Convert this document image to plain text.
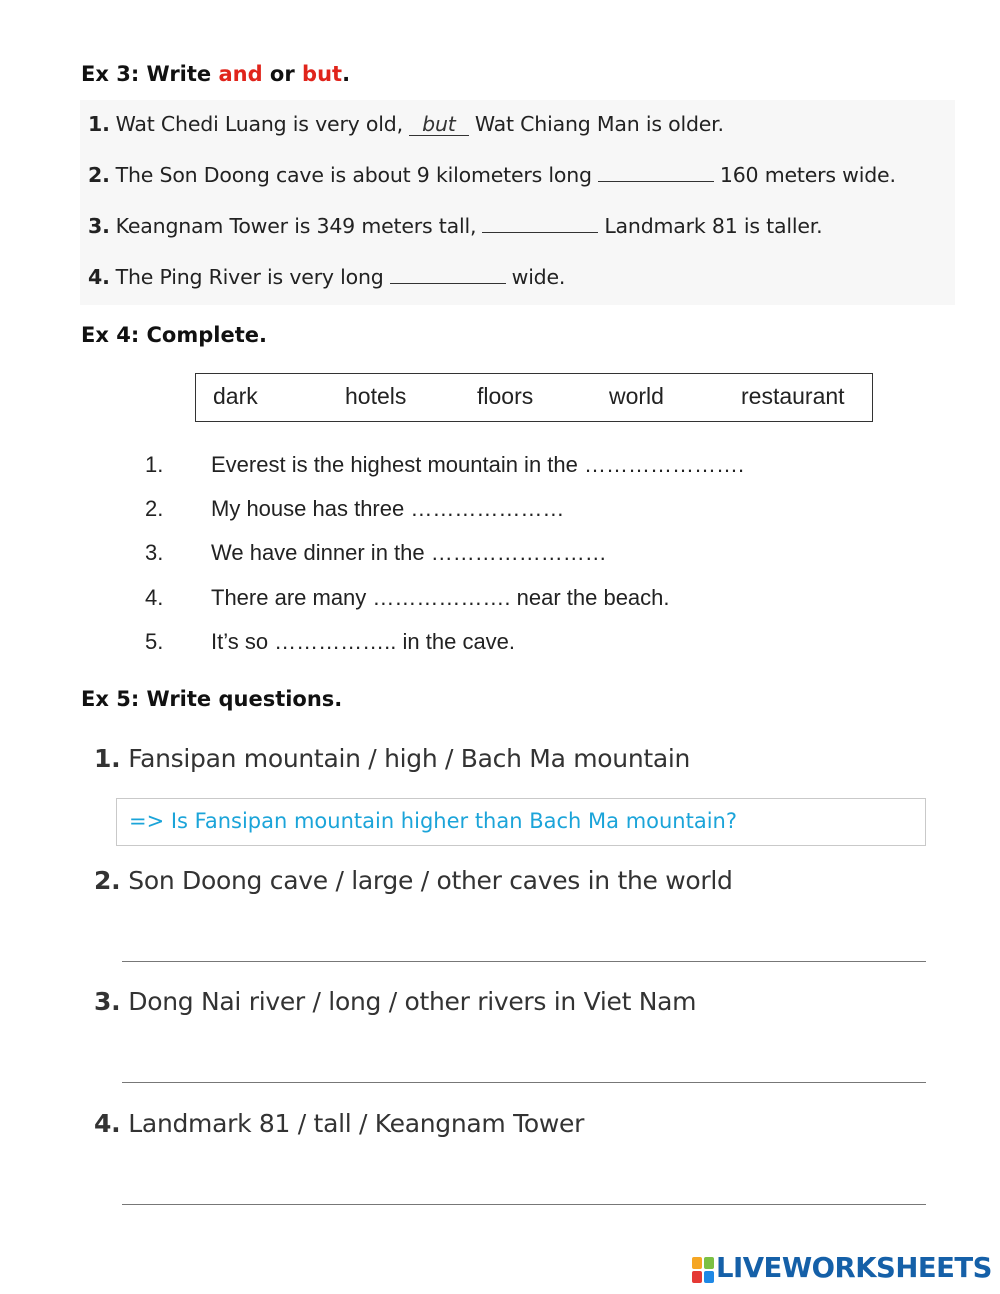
Ex 3: Write and or but.
1. Wat Chedi Luang is very old, but Wat Chiang Man is older.
2. The Son Doong cave is about 9 kilometers long	160 meters wide.
3. Keangnam Tower is 349 meters tall,	Landmark 81 is taller.
4. The Ping River is very long	wide.
Ex 4: Complete.
dark	hotels	floors	world	restaurant
1. Everest is the highest mountain in the ………………….
2. My house has three …………………
3. We have dinner in the ……………………
4. There are many ………………. near the beach.
5. It’s so …………….. in the cave.
Ex 5: Write questions.
1. Fansipan mountain / high / Bach Ma mountain
=> Is Fansipan mountain higher than Bach Ma mountain?
2. Son Doong cave / large / other caves in the world
3. Dong Nai river / long / other rivers in Viet Nam
4. Landmark 81 / tall / Keangnam Tower
LIVEWORKSHEETS
